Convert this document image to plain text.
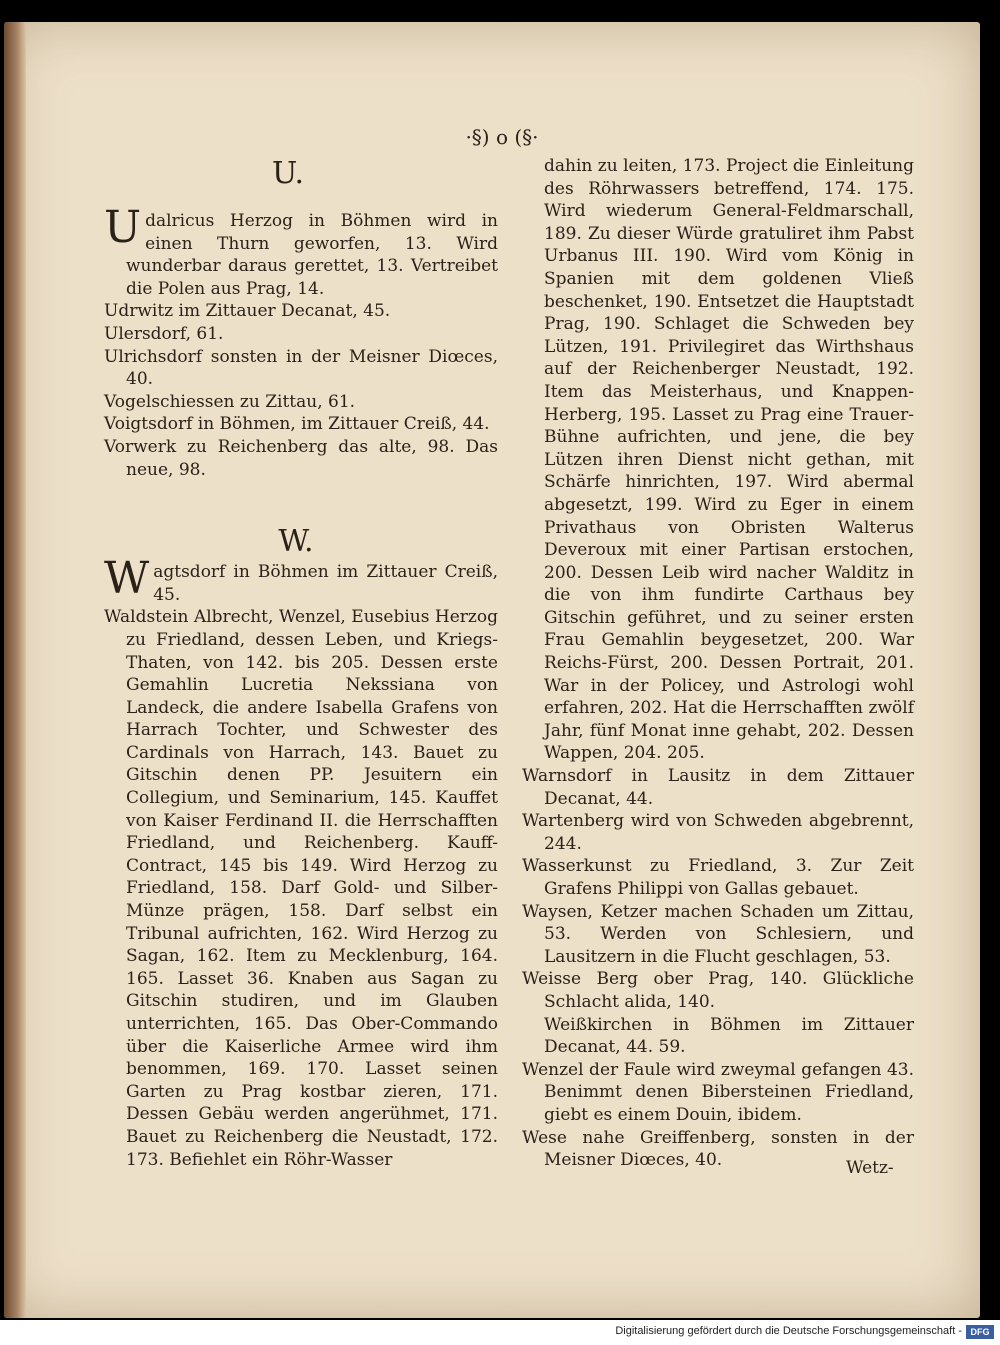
·§) o (§·
U.
W.

Udalricus Herzog in Böhmen wird in einen Thurn geworfen, 13. Wird wunderbar daraus gerettet, 13. Vertreibet die Polen aus Prag, 14.

Udrwitz im Zittauer Decanat, 45.

Ulersdorf, 61.

Ulrichsdorf sonsten in der Meisner Diœces, 40.

Vogelschiessen zu Zittau, 61.

Voigtsdorf in Böhmen, im Zittauer Creiß, 44.

Vorwerk zu Reichenberg das alte, 98. Das neue, 98.

Wagtsdorf in Böhmen im Zittauer Creiß, 45.

Waldstein Albrecht, Wenzel, Eusebius Herzog zu Friedland, dessen Leben, und Kriegs-Thaten, von 142. bis 205. Dessen erste Gemahlin Lucretia Nekssiana von Landeck, die andere Isabella Grafens von Harrach Tochter, und Schwester des Cardinals von Harrach, 143. Bauet zu Gitschin denen PP. Jesuitern ein Collegium, und Seminarium, 145. Kauffet von Kaiser Ferdinand II. die Herrschafften Friedland, und Reichenberg. Kauff-Contract, 145 bis 149. Wird Herzog zu Friedland, 158. Darf Gold- und Silber-Münze prägen, 158. Darf selbst ein Tribunal aufrichten, 162. Wird Herzog zu Sagan, 162. Item zu Mecklenburg, 164. 165. Lasset 36. Knaben aus Sagan zu Gitschin studiren, und im Glauben unterrichten, 165. Das Ober-Commando über die Kaiserliche Armee wird ihm benommen, 169. 170. Lasset seinen Garten zu Prag kostbar zieren, 171. Dessen Gebäu werden angerühmet, 171. Bauet zu Reichenberg die Neustadt, 172. 173. Befiehlet ein Röhr-Wasser

dahin zu leiten, 173. Project die Einleitung des Röhrwassers betreffend, 174. 175. Wird wiederum General-Feldmarschall, 189. Zu dieser Würde gratuliret ihm Pabst Urbanus III. 190. Wird vom König in Spanien mit dem goldenen Vließ beschenket, 190. Entsetzet die Hauptstadt Prag, 190. Schlaget die Schweden bey Lützen, 191. Privilegiret das Wirthshaus auf der Reichenberger Neustadt, 192. Item das Meisterhaus, und Knappen-Herberg, 195. Lasset zu Prag eine Trauer-Bühne aufrichten, und jene, die bey Lützen ihren Dienst nicht gethan, mit Schärfe hinrichten, 197. Wird abermal abgesetzt, 199. Wird zu Eger in einem Privathaus von Obristen Walterus Deveroux mit einer Partisan erstochen, 200. Dessen Leib wird nacher Walditz in die von ihm fundirte Carthaus bey Gitschin geführet, und zu seiner ersten Frau Gemahlin beygesetzet, 200. War Reichs-Fürst, 200. Dessen Portrait, 201. War in der Policey, und Astrologi wohl erfahren, 202. Hat die Herrschafften zwölf Jahr, fünf Monat inne gehabt, 202. Dessen Wappen, 204. 205.

Warnsdorf in Lausitz in dem Zittauer Decanat, 44.

Wartenberg wird von Schweden abgebrennt, 244.

Wasserkunst zu Friedland, 3. Zur Zeit Grafens Philippi von Gallas gebauet.

Waysen, Ketzer machen Schaden um Zittau, 53. Werden von Schlesiern, und Lausitzern in die Flucht geschlagen, 53.

Weisse Berg ober Prag, 140. Glückliche Schlacht alida, 140.

Weißkirchen in Böhmen im Zittauer Decanat, 44. 59.

Wenzel der Faule wird zweymal gefangen 43. Benimmt denen Bibersteinen Friedland, giebt es einem Douin, ibidem.

Wese nahe Greiffenberg, sonsten in der Meisner Diœces, 40.	Wetz-
Digitalisierung gefördert durch die Deutsche Forschungsgemeinschaft - DFG
